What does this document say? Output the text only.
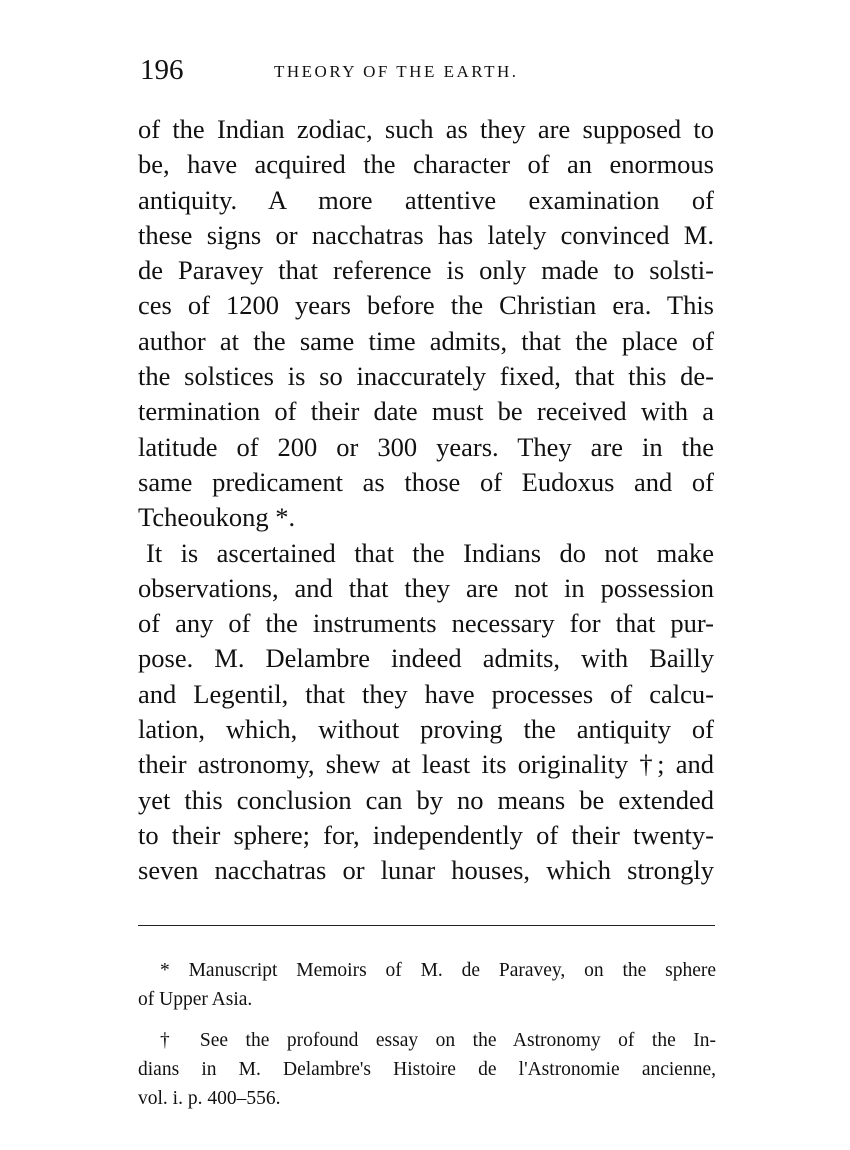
196	THEORY OF THE EARTH.
of the Indian zodiac, such as they are supposed to
be, have acquired the character of an enormous
antiquity. A more attentive examination of
these signs or nacchatras has lately convinced M.
de Paravey that reference is only made to solsti-
ces of 1200 years before the Christian era. This
author at the same time admits, that the place of
the solstices is so inaccurately fixed, that this de-
termination of their date must be received with a
latitude of 200 or 300 years. They are in the
same predicament as those of Eudoxus and of
Tcheoukong *.
It is ascertained that the Indians do not make
observations, and that they are not in possession
of any of the instruments necessary for that pur-
pose. M. Delambre indeed admits, with Bailly
and Legentil, that they have processes of calcu-
lation, which, without proving the antiquity of
their astronomy, shew at least its originality †; and
yet this conclusion can by no means be extended
to their sphere; for, independently of their twenty-
seven nacchatras or lunar houses, which strongly
* Manuscript Memoirs of M. de Paravey, on the sphere
of Upper Asia.
† See the profound essay on the Astronomy of the In-
dians in M. Delambre's Histoire de l'Astronomie ancienne,
vol. i. p. 400–556.
